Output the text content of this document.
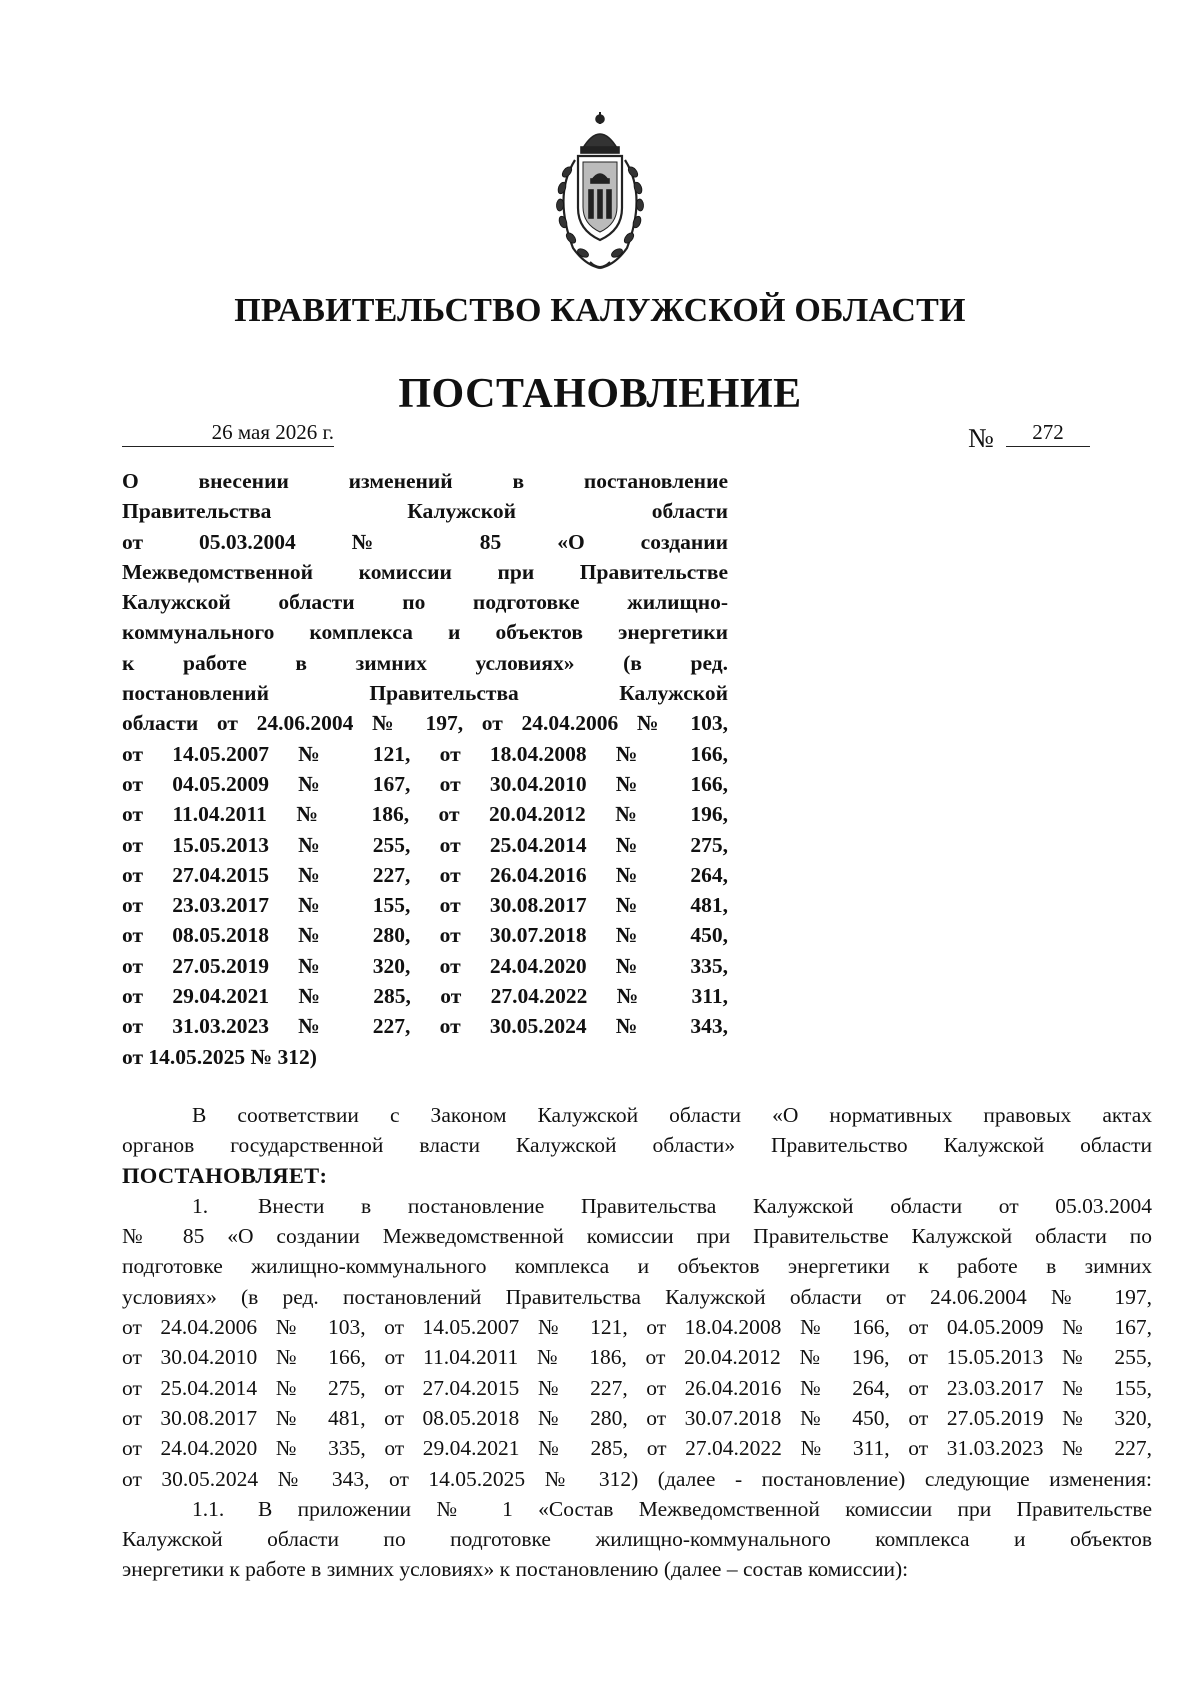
ПРАВИТЕЛЬСТВО КАЛУЖСКОЙ ОБЛАСТИ
ПОСТАНОВЛЕНИЕ
26 мая 2026 г.	№	272
О внесении изменений в постановление
Правительства Калужской области
от 05.03.2004 № 85 «О создании
Межведомственной комиссии при Правительстве
Калужской области по подготовке жилищно-
коммунального комплекса и объектов энергетики
к работе в зимних условиях» (в ред.
постановлений Правительства Калужской
области от 24.06.2004 № 197, от 24.04.2006 № 103,
от 14.05.2007 № 121, от 18.04.2008 № 166,
от 04.05.2009 № 167, от 30.04.2010 № 166,
от 11.04.2011 № 186, от 20.04.2012 № 196,
от 15.05.2013 № 255, от 25.04.2014 № 275,
от 27.04.2015 № 227, от 26.04.2016 № 264,
от 23.03.2017 № 155, от 30.08.2017 № 481,
от 08.05.2018 № 280, от 30.07.2018 № 450,
от 27.05.2019 № 320, от 24.04.2020 № 335,
от 29.04.2021 № 285, от 27.04.2022 № 311,
от 31.03.2023 № 227, от 30.05.2024 № 343,
от 14.05.2025 № 312)
В соответствии с Законом Калужской области «О нормативных правовых актах
органов государственной власти Калужской области» Правительство Калужской области
ПОСТАНОВЛЯЕТ:
1. Внести в постановление Правительства Калужской области от 05.03.2004
№ 85 «О создании Межведомственной комиссии при Правительстве Калужской области по
подготовке жилищно-коммунального комплекса и объектов энергетики к работе в зимних
условиях» (в ред. постановлений Правительства Калужской области от 24.06.2004 № 197,
от 24.04.2006 № 103, от 14.05.2007 № 121, от 18.04.2008 № 166, от 04.05.2009 № 167,
от 30.04.2010 № 166, от 11.04.2011 № 186, от 20.04.2012 № 196, от 15.05.2013 № 255,
от 25.04.2014 № 275, от 27.04.2015 № 227, от 26.04.2016 № 264, от 23.03.2017 № 155,
от 30.08.2017 № 481, от 08.05.2018 № 280, от 30.07.2018 № 450, от 27.05.2019 № 320,
от 24.04.2020 № 335, от 29.04.2021 № 285, от 27.04.2022 № 311, от 31.03.2023 № 227,
от 30.05.2024 № 343, от 14.05.2025 № 312) (далее - постановление) следующие изменения:
1.1. В приложении № 1 «Состав Межведомственной комиссии при Правительстве
Калужской области по подготовке жилищно-коммунального комплекса и объектов
энергетики к работе в зимних условиях» к постановлению (далее – состав комиссии):
